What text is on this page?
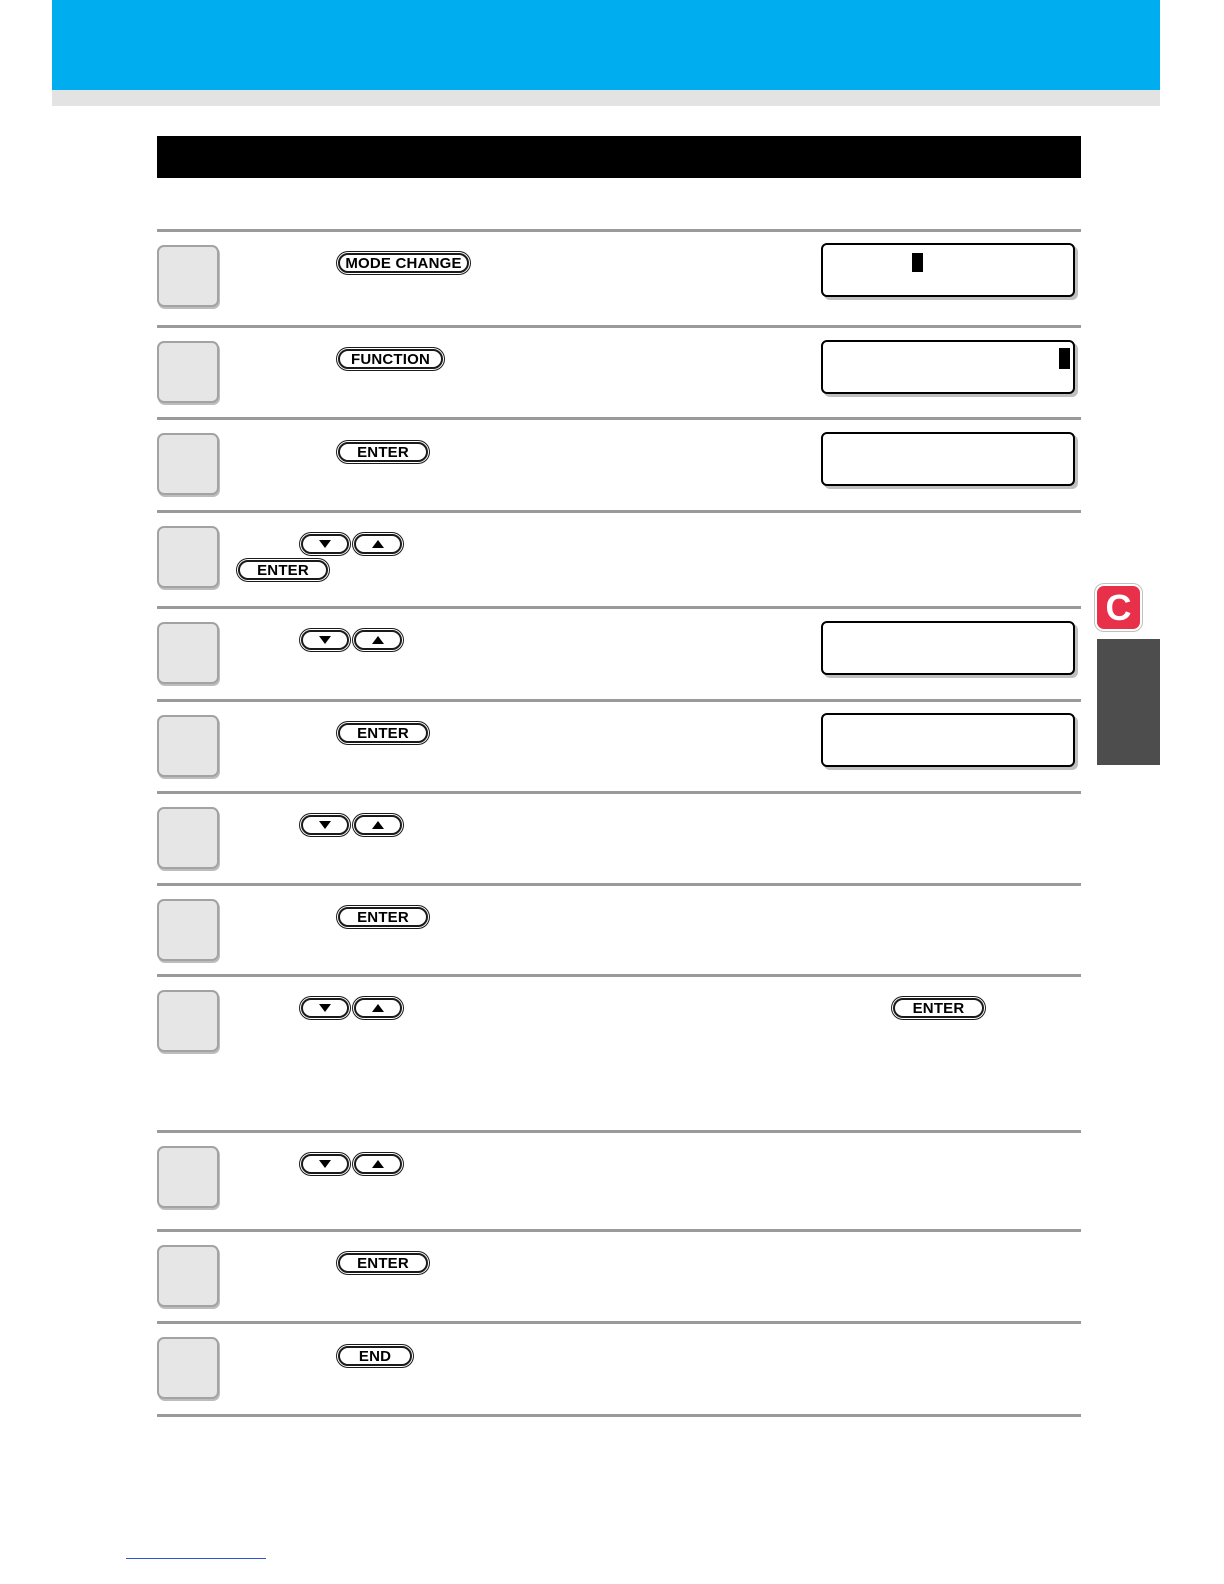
MODE CHANGE
FUNCTION
ENTER
ENTER
ENTER
ENTER
ENTER
ENTER
END
C
